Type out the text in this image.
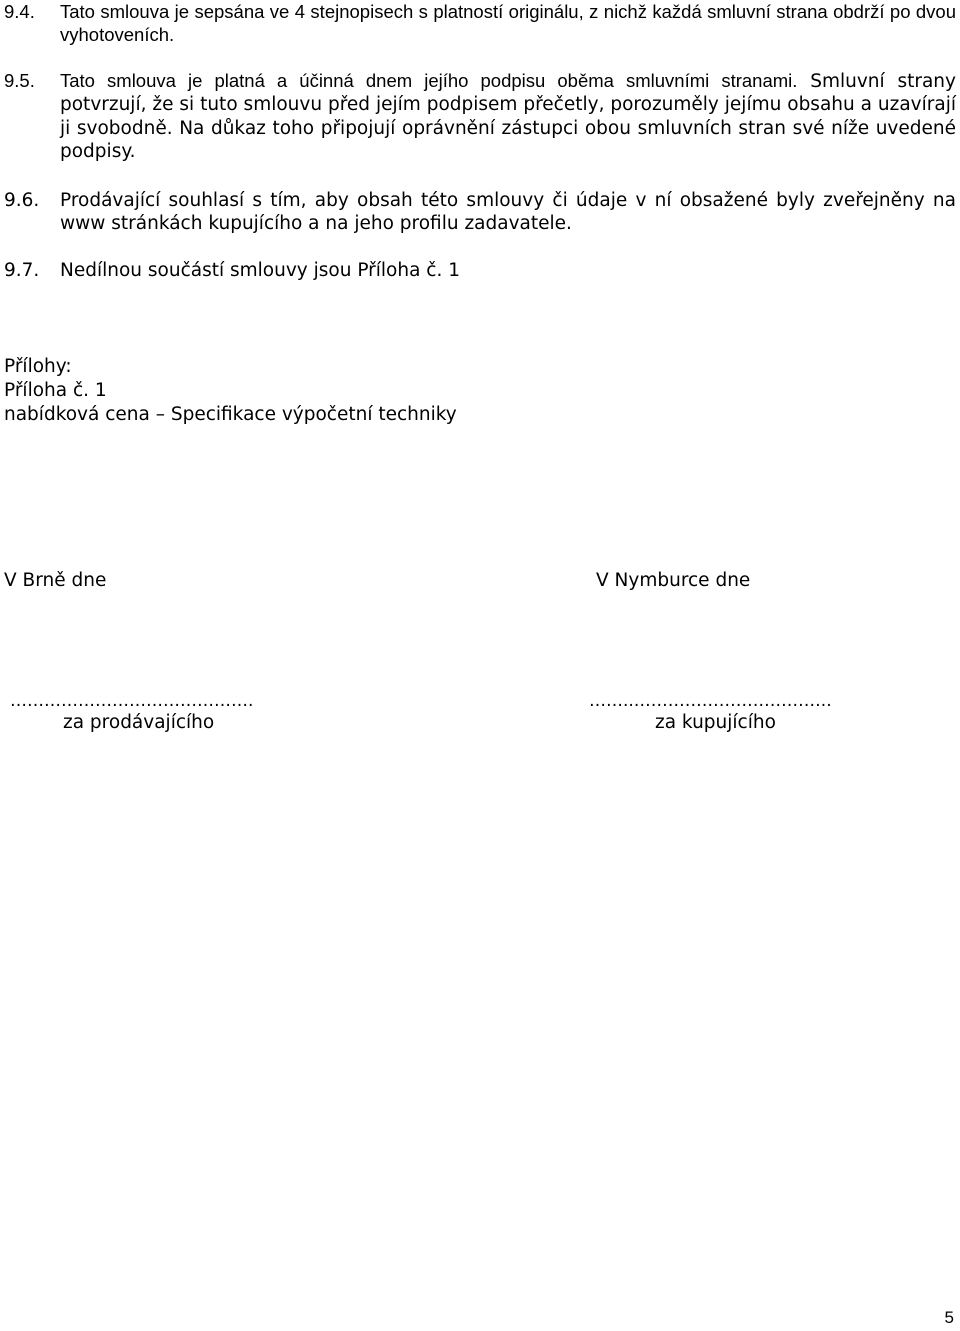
9.4.	Tato smlouva je sepsána ve 4 stejnopisech s platností originálu, z nichž každá smluvní strana obdrží po dvou vyhotoveních.
9.5.	Tato smlouva je platná a účinná dnem jejího podpisu oběma smluvními stranami. Smluvní strany potvrzují, že si tuto smlouvu před jejím podpisem přečetly, porozuměly jejímu obsahu a uzavírají ji svobodně. Na důkaz toho připojují oprávnění zástupci obou smluvních stran své níže uvedené podpisy.
9.6.	Prodávající souhlasí s tím, aby obsah této smlouvy či údaje v ní obsažené byly zveřejněny na www stránkách kupujícího a na jeho profilu zadavatele.
9.7.	Nedílnou součástí smlouvy jsou Příloha č. 1
Přílohy:
Příloha č. 1
nabídková cena – Specifikace výpočetní techniky
V Brně dne	V Nymburce dne
…………………………………….	……..……………………………..
za prodávajícího	za kupujícího
5
